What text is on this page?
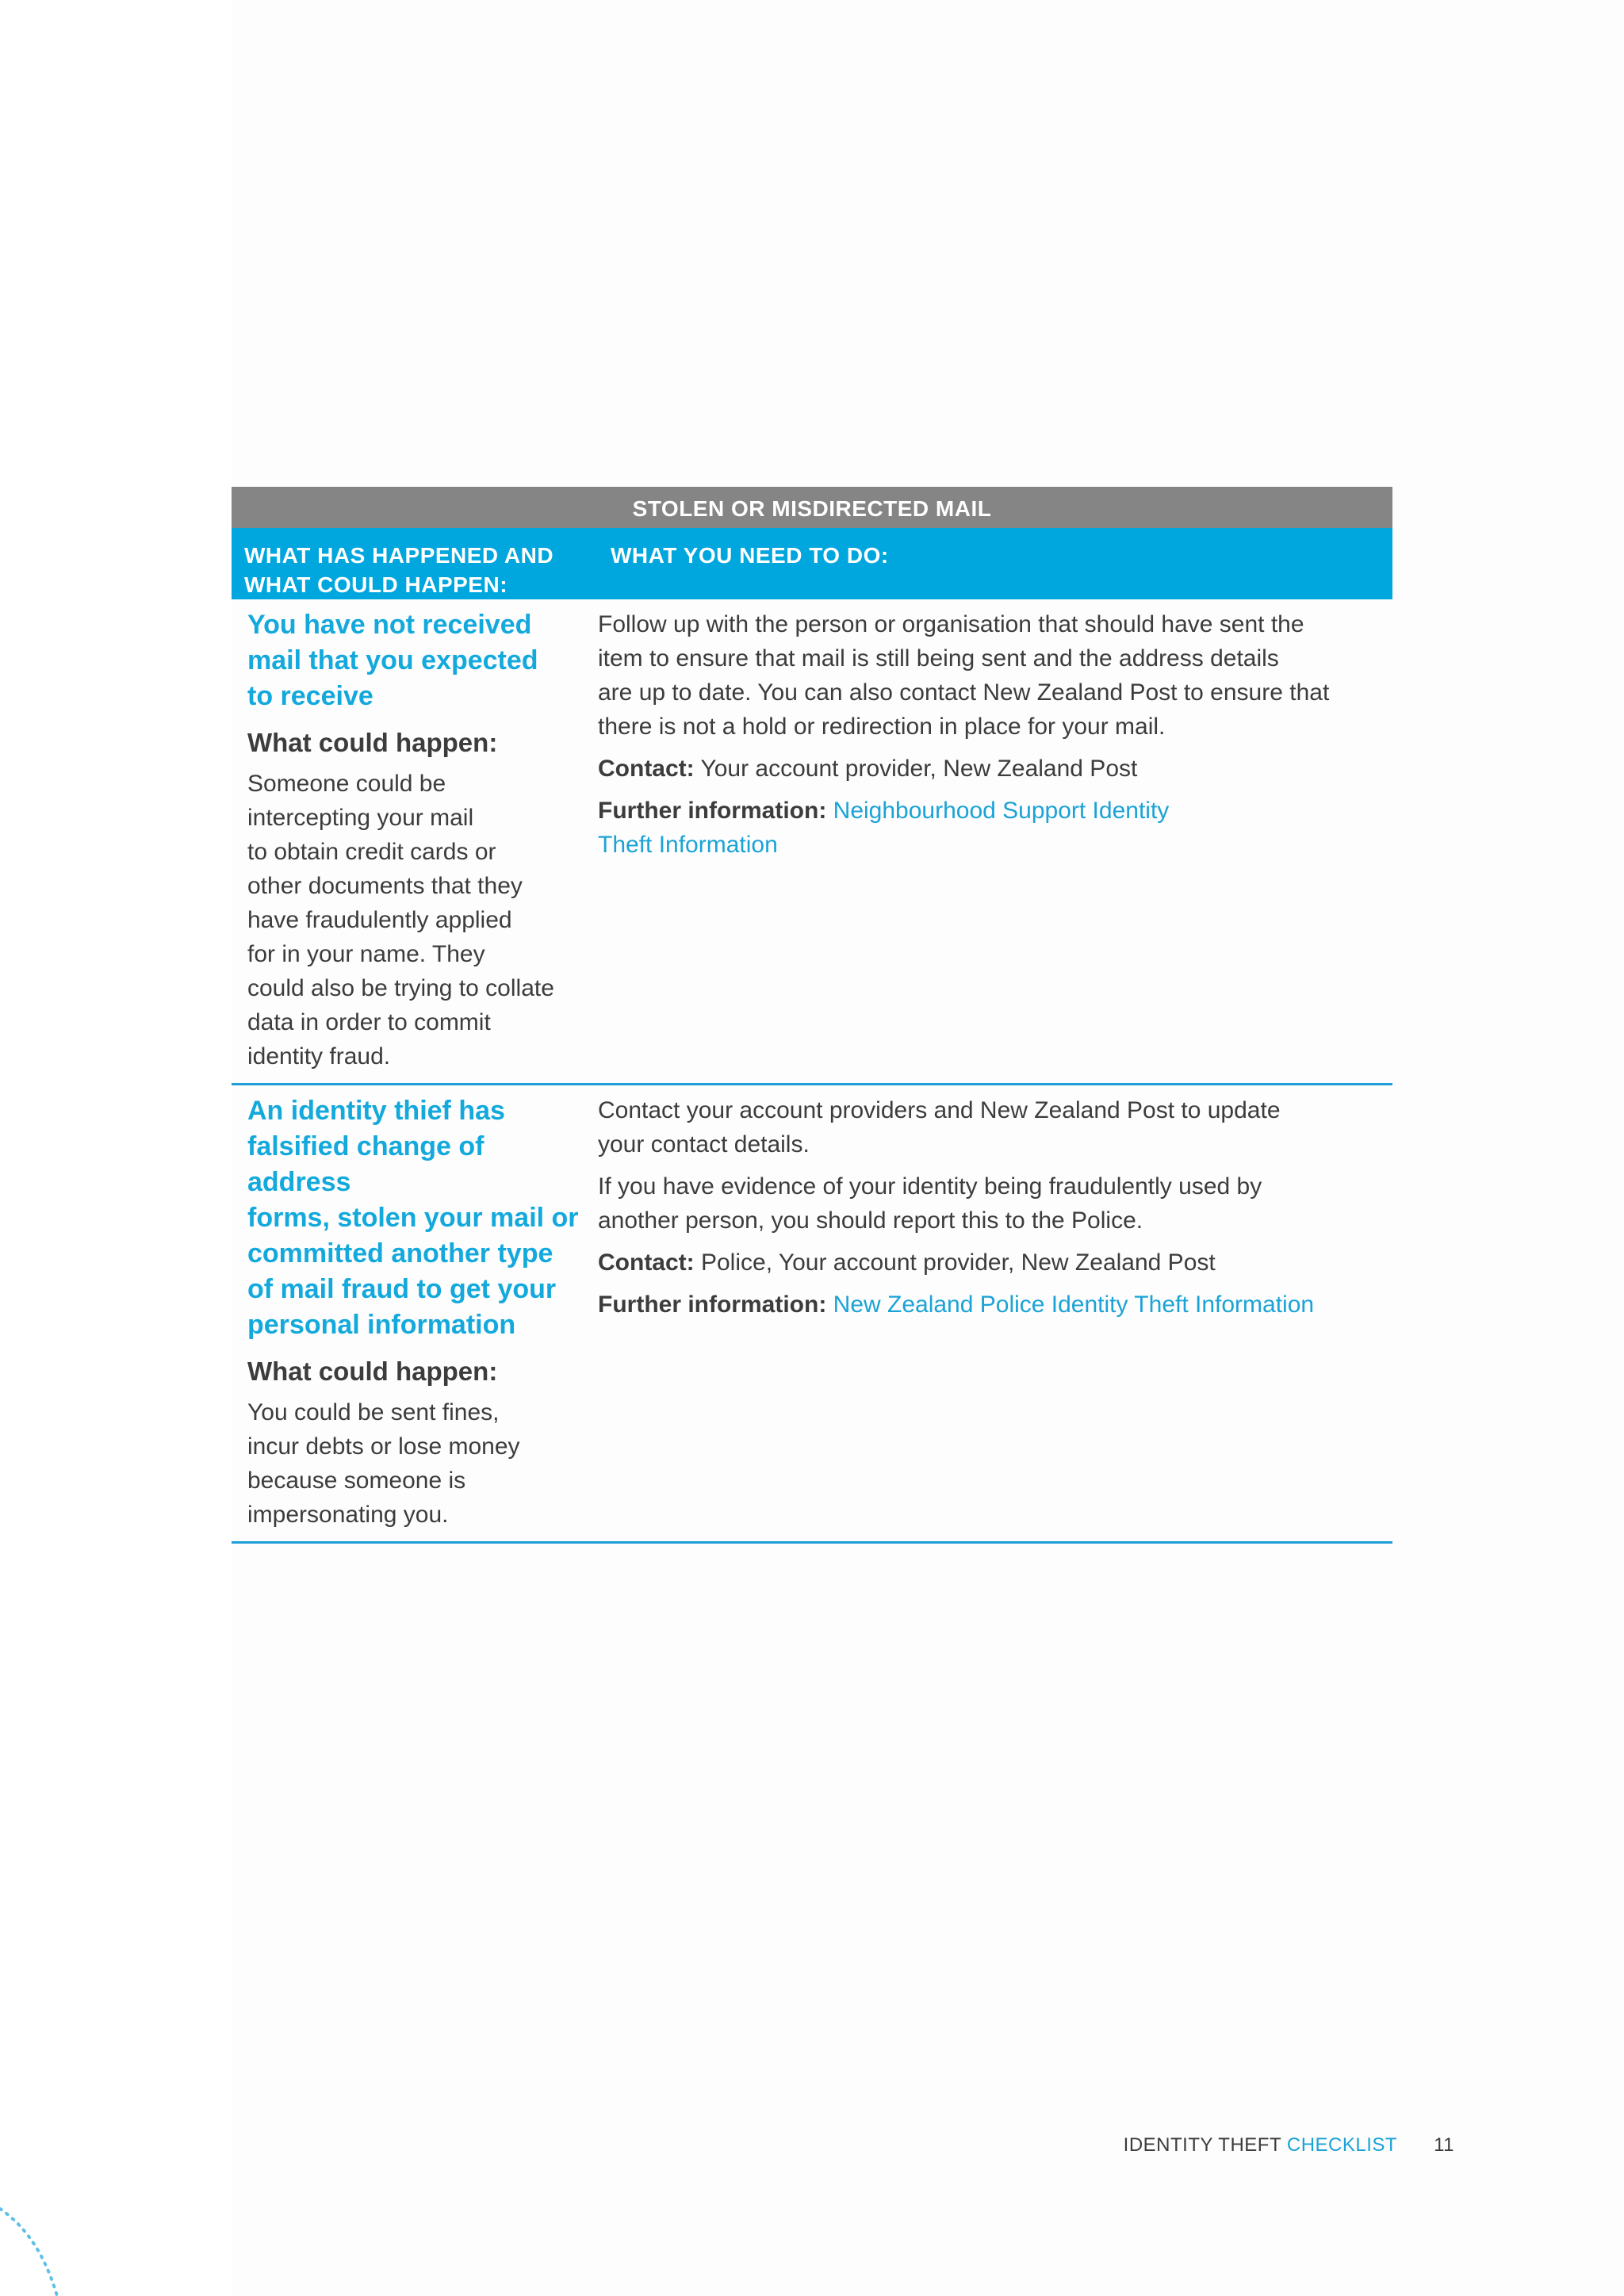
STOLEN OR MISDIRECTED MAIL
WHAT HAS HAPPENED AND
WHAT COULD HAPPEN:
WHAT YOU NEED TO DO:
You have not received
mail that you expected
to receive
What could happen:
Someone could be
intercepting your mail
to obtain credit cards or
other documents that they
have fraudulently applied
for in your name. They
could also be trying to collate
data in order to commit
identity fraud.
Follow up with the person or organisation that should have sent the
item to ensure that mail is still being sent and the address details
are up to date. You can also contact New Zealand Post to ensure that
there is not a hold or redirection in place for your mail.
Contact: Your account provider, New Zealand Post
Further information: Neighbourhood Support Identity
Theft Information
An identity thief has
falsified change of address
forms, stolen your mail or
committed another type
of mail fraud to get your
personal information
What could happen:
You could be sent fines,
incur debts or lose money
because someone is
impersonating you.
Contact your account providers and New Zealand Post to update
your contact details.
If you have evidence of your identity being fraudulently used by
another person, you should report this to the Police.
Contact: Police, Your account provider, New Zealand Post
Further information: New Zealand Police Identity Theft Information
IDENTITY THEFT CHECKLIST 11
